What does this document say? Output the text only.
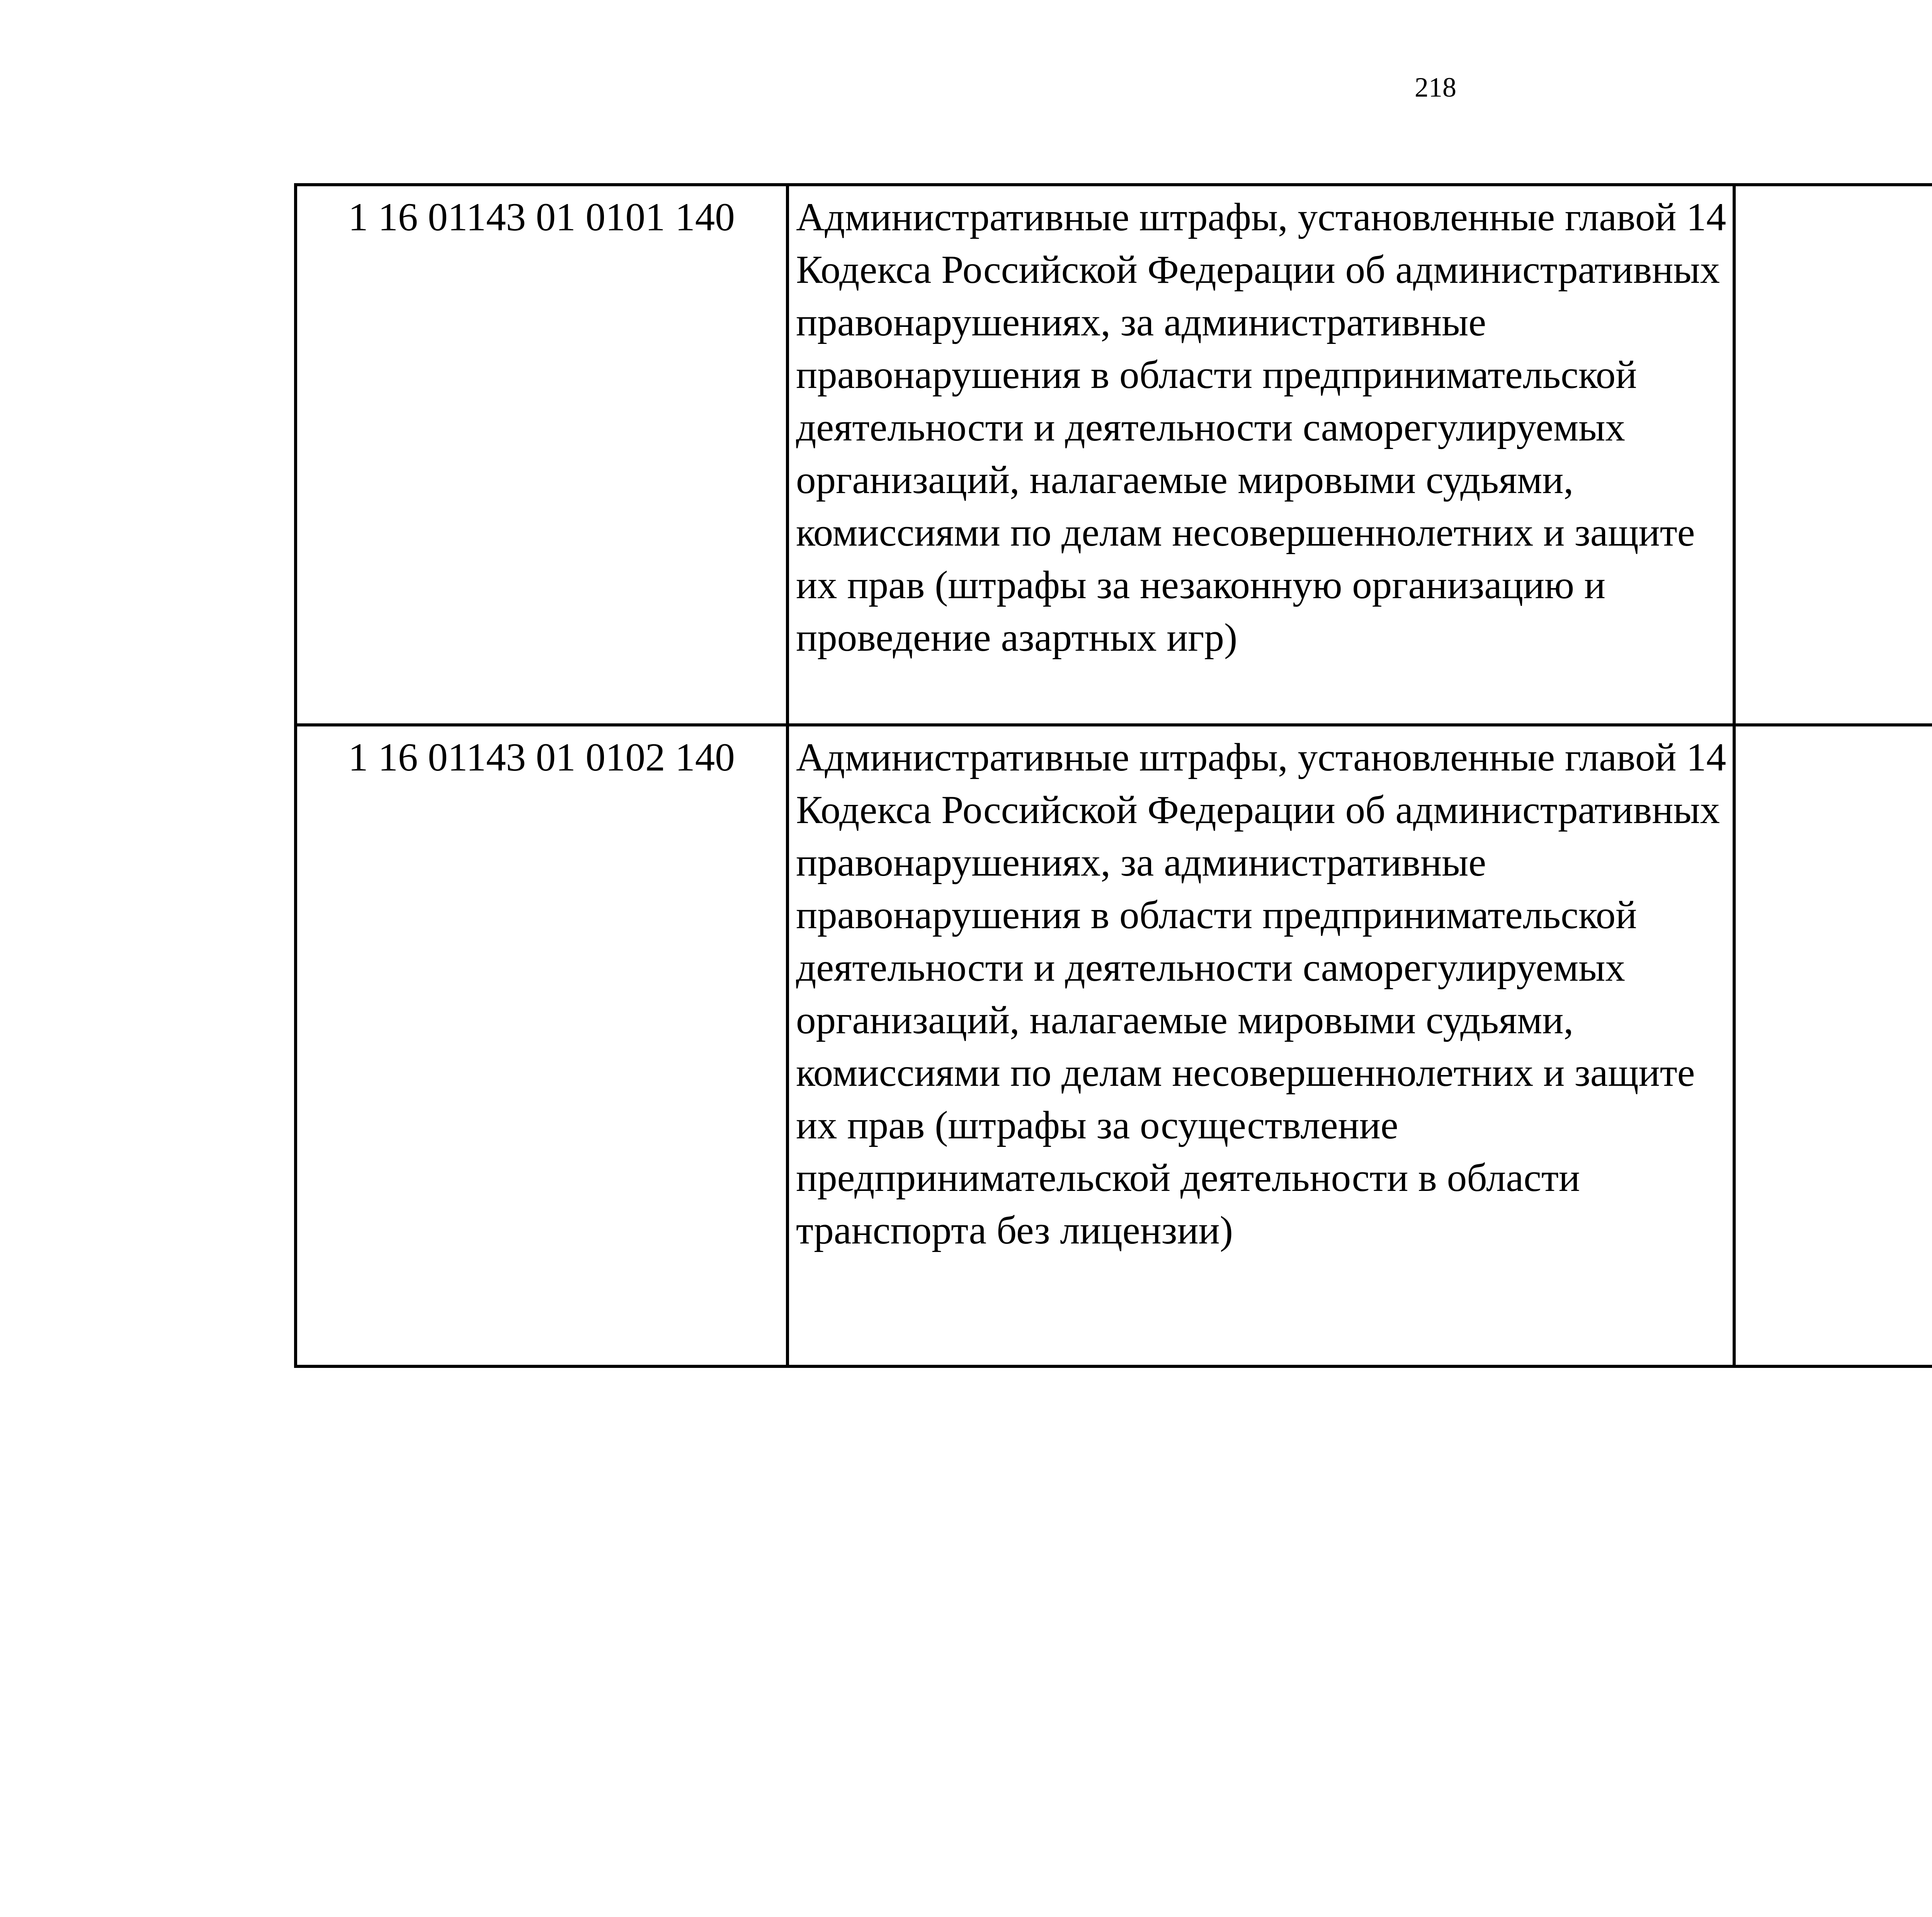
218
1 16 01143 01 0101 140	Административные штрафы, установленные главой 14 Кодекса Российской Федерации об административных правонарушениях, за административные правонарушения в области предпринимательской деятельности и деятельности саморегулируемых организаций, налагаемые мировыми судьями, комиссиями по делам несовершеннолетних и защите их прав (штрафы за незаконную организацию и проведение азартных игр)			
1 16 01143 01 0102 140	Административные штрафы, установленные главой 14 Кодекса Российской Федерации об административных правонарушениях, за административные правонарушения в области предпринимательской деятельности и деятельности саморегулируемых организаций, налагаемые мировыми судьями, комиссиями по делам несовершеннолетних и защите их прав (штрафы за осуществление предпринимательской деятельности в области транспорта без лицензии)			
